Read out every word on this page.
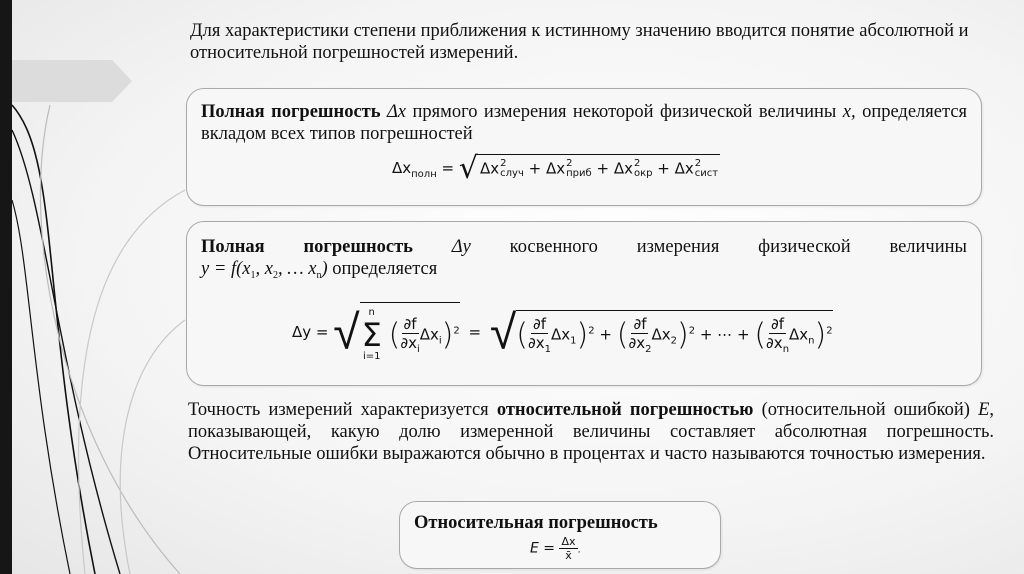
Для характеристики степени приближения к истинному значению вводится понятие абсолютной и относительной погрешностей измерений.
Полная погрешность Δx прямого измерения некоторой физической величины x, определяется вкладом всех типов погрешностей
$\Delta x_{полн}$ = √ Δx 2
случ + Δx 2
приб + Δx 2
окр + Δx 2
сист
Полная погрешность Δy косвенного измерения физической величины
$y = f(x_1$, $x_2$, … $x_n$) определяется
Δy = √ n
Σ
i=1
( $\frac{\partial f}{\partial x_i} \Delta x_i)^2$ = √( $\frac{\partial f}{\partial x_1} \Delta x_1)^2$ + ( $\frac{\partial f}{\partial x_2} \Delta x_2)^2$ + ⋯ + ( $\frac{\partial f}{\partial x_n} \Delta x_n)^2$
Точность измерений характеризуется относительной погрешностью (относительной ошибкой) E, показывающей, какую долю измеренной величины составляет абсолютная погрешность. Относительные ошибки выражаются обычно в процентах и часто называются точностью измерения.
Относительная погрешность
$E = \frac{\Delta x}{x̄}$ .
